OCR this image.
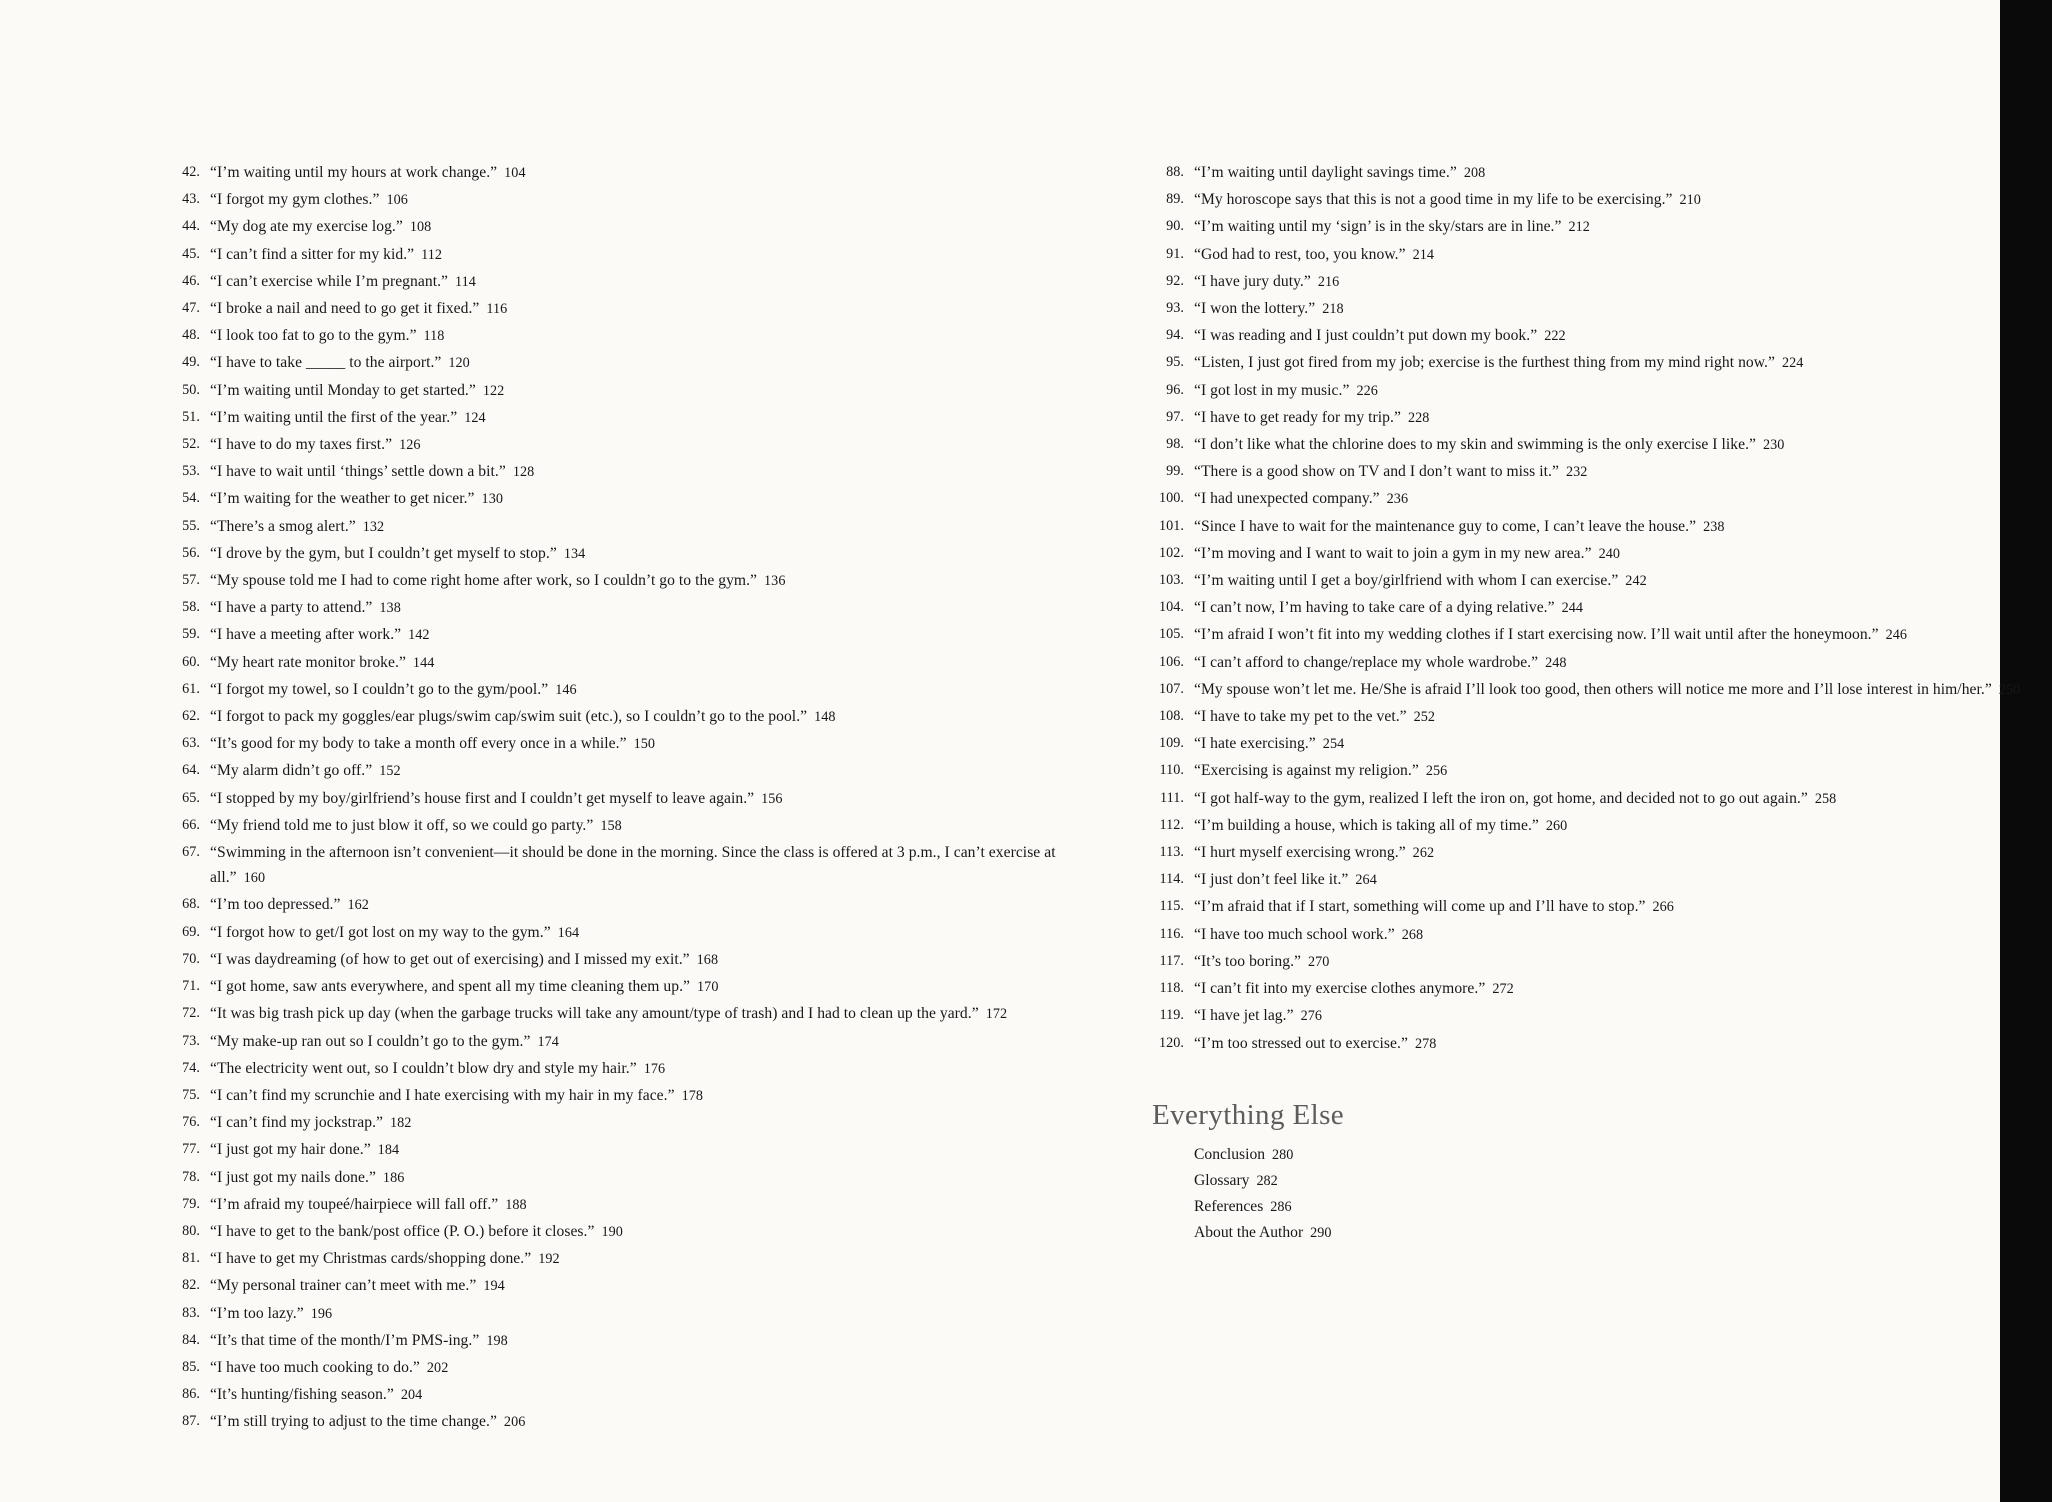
42. “I’m waiting until my hours at work change.” 104
43. “I forgot my gym clothes.” 106
44. “My dog ate my exercise log.” 108
45. “I can’t find a sitter for my kid.” 112
46. “I can’t exercise while I’m pregnant.” 114
47. “I broke a nail and need to go get it fixed.” 116
48. “I look too fat to go to the gym.” 118
49. “I have to take _____ to the airport.” 120
50. “I’m waiting until Monday to get started.” 122
51. “I’m waiting until the first of the year.” 124
52. “I have to do my taxes first.” 126
53. “I have to wait until ‘things’ settle down a bit.” 128
54. “I’m waiting for the weather to get nicer.” 130
55. “There’s a smog alert.” 132
56. “I drove by the gym, but I couldn’t get myself to stop.” 134
57. “My spouse told me I had to come right home after work, so I couldn’t go to the gym.” 136
58. “I have a party to attend.” 138
59. “I have a meeting after work.” 142
60. “My heart rate monitor broke.” 144
61. “I forgot my towel, so I couldn’t go to the gym/pool.” 146
62. “I forgot to pack my goggles/ear plugs/swim cap/swim suit (etc.), so I couldn’t go to the pool.” 148
63. “It’s good for my body to take a month off every once in a while.” 150
64. “My alarm didn’t go off.” 152
65. “I stopped by my boy/girlfriend’s house first and I couldn’t get myself to leave again.” 156
66. “My friend told me to just blow it off, so we could go party.” 158
67. “Swimming in the afternoon isn’t convenient—it should be done in the morning. Since the class is offered at 3 p.m., I can’t exercise at all.” 160
68. “I’m too depressed.” 162
69. “I forgot how to get/I got lost on my way to the gym.” 164
70. “I was daydreaming (of how to get out of exercising) and I missed my exit.” 168
71. “I got home, saw ants everywhere, and spent all my time cleaning them up.” 170
72. “It was big trash pick up day (when the garbage trucks will take any amount/type of trash) and I had to clean up the yard.” 172
73. “My make-up ran out so I couldn’t go to the gym.” 174
74. “The electricity went out, so I couldn’t blow dry and style my hair.” 176
75. “I can’t find my scrunchie and I hate exercising with my hair in my face.” 178
76. “I can’t find my jockstrap.” 182
77. “I just got my hair done.” 184
78. “I just got my nails done.” 186
79. “I’m afraid my toupeé/hairpiece will fall off.” 188
80. “I have to get to the bank/post office (P. O.) before it closes.” 190
81. “I have to get my Christmas cards/shopping done.” 192
82. “My personal trainer can’t meet with me.” 194
83. “I’m too lazy.” 196
84. “It’s that time of the month/I’m PMS-ing.” 198
85. “I have too much cooking to do.” 202
86. “It’s hunting/fishing season.” 204
87. “I’m still trying to adjust to the time change.” 206
88. “I’m waiting until daylight savings time.” 208
89. “My horoscope says that this is not a good time in my life to be exercising.” 210
90. “I’m waiting until my ‘sign’ is in the sky/stars are in line.” 212
91. “God had to rest, too, you know.” 214
92. “I have jury duty.” 216
93. “I won the lottery.” 218
94. “I was reading and I just couldn’t put down my book.” 222
95. “Listen, I just got fired from my job; exercise is the furthest thing from my mind right now.” 224
96. “I got lost in my music.” 226
97. “I have to get ready for my trip.” 228
98. “I don’t like what the chlorine does to my skin and swimming is the only exercise I like.” 230
99. “There is a good show on TV and I don’t want to miss it.” 232
100. “I had unexpected company.” 236
101. “Since I have to wait for the maintenance guy to come, I can’t leave the house.” 238
102. “I’m moving and I want to wait to join a gym in my new area.” 240
103. “I’m waiting until I get a boy/girlfriend with whom I can exercise.” 242
104. “I can’t now, I’m having to take care of a dying relative.” 244
105. “I’m afraid I won’t fit into my wedding clothes if I start exercising now. I’ll wait until after the honeymoon.” 246
106. “I can’t afford to change/replace my whole wardrobe.” 248
107. “My spouse won’t let me. He/She is afraid I’ll look too good, then others will notice me more and I’ll lose interest in him/her.” 250
108. “I have to take my pet to the vet.” 252
109. “I hate exercising.” 254
110. “Exercising is against my religion.” 256
111. “I got half-way to the gym, realized I left the iron on, got home, and decided not to go out again.” 258
112. “I’m building a house, which is taking all of my time.” 260
113. “I hurt myself exercising wrong.” 262
114. “I just don’t feel like it.” 264
115. “I’m afraid that if I start, something will come up and I’ll have to stop.” 266
116. “I have too much school work.” 268
117. “It’s too boring.” 270
118. “I can’t fit into my exercise clothes anymore.” 272
119. “I have jet lag.” 276
120. “I’m too stressed out to exercise.” 278
Everything Else
Conclusion 280
Glossary 282
References 286
About the Author 290
